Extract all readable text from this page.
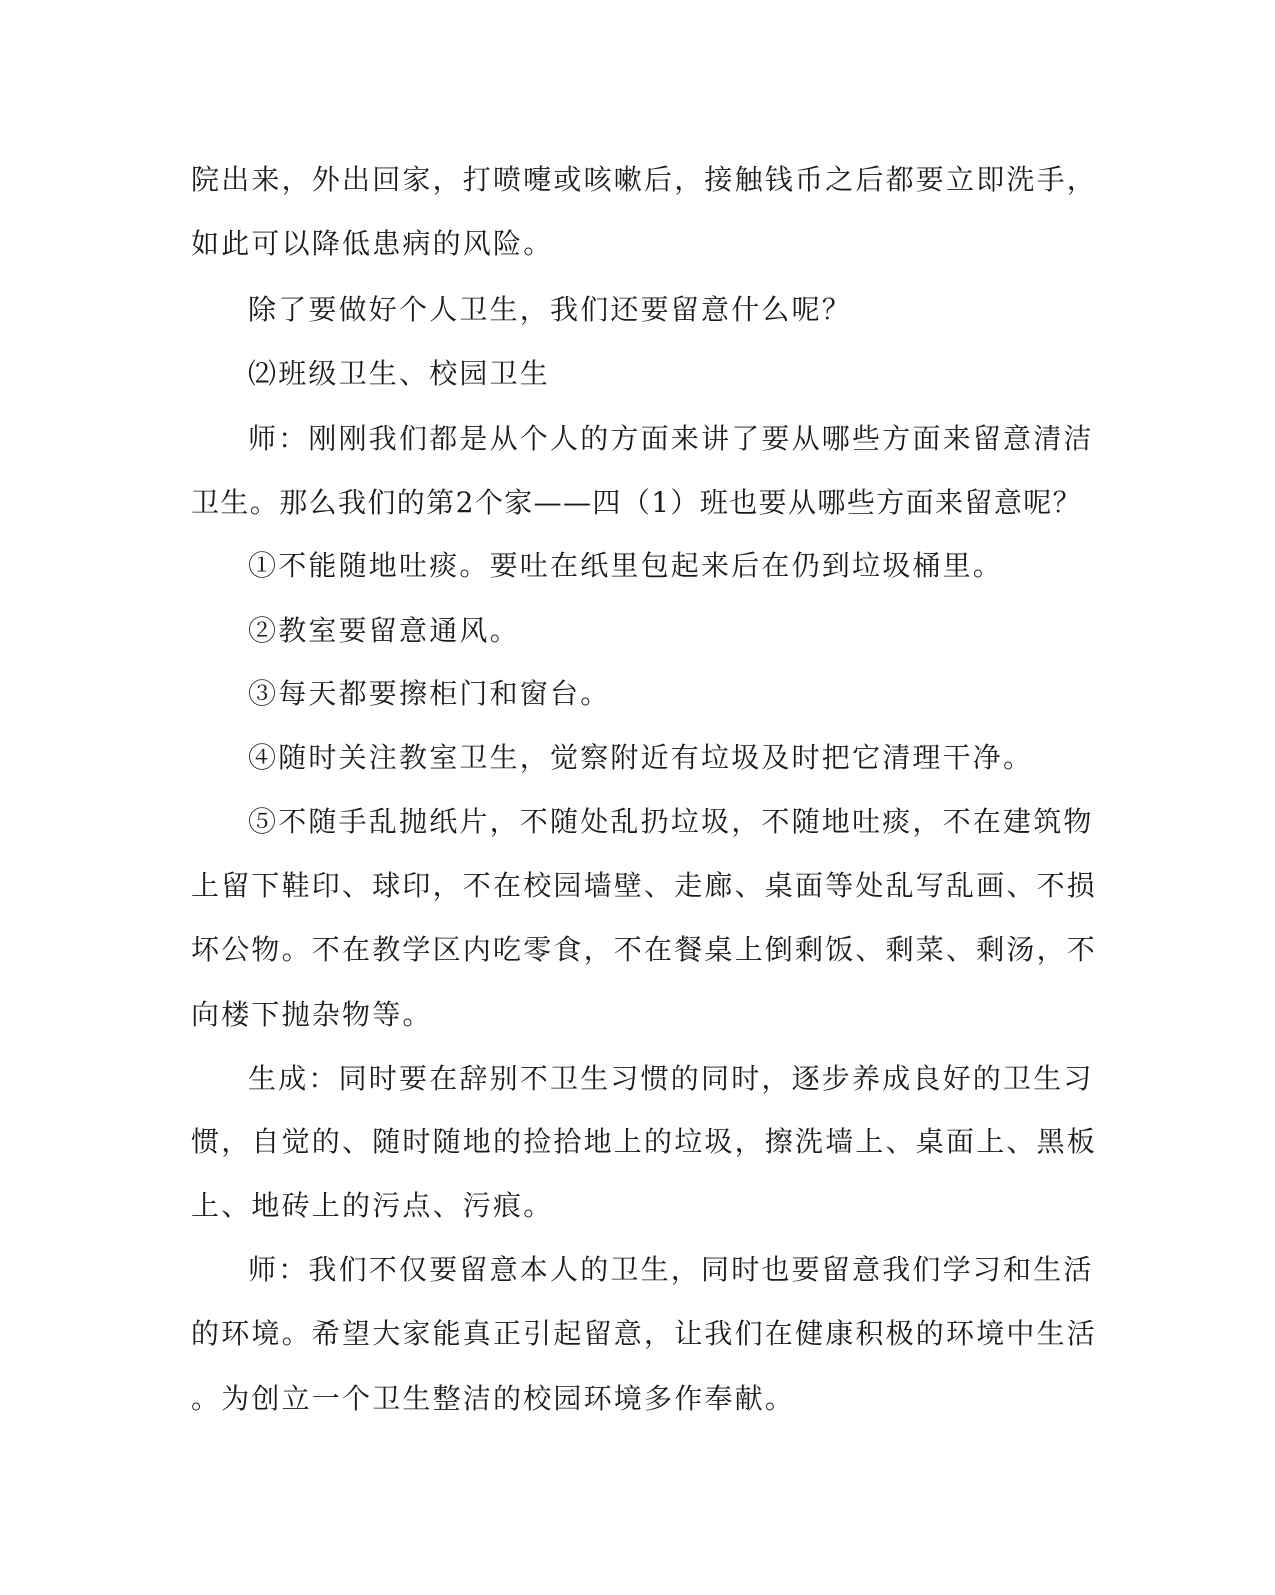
院出来，外出回家，打喷嚏或咳嗽后，接触钱币之后都要立即洗手，
如此可以降低患病的风险。
除了要做好个人卫生，我们还要留意什么呢？
⑵班级卫生、校园卫生
师：刚刚我们都是从个人的方面来讲了要从哪些方面来留意清洁
卫生。那么我们的第2个家——四（1）班也要从哪些方面来留意呢？
①不能随地吐痰。要吐在纸里包起来后在仍到垃圾桶里。
②教室要留意通风。
③每天都要擦柜门和窗台。
④随时关注教室卫生，觉察附近有垃圾及时把它清理干净。
⑤不随手乱抛纸片，不随处乱扔垃圾，不随地吐痰，不在建筑物
上留下鞋印、球印，不在校园墙壁、走廊、桌面等处乱写乱画、不损
坏公物。不在教学区内吃零食，不在餐桌上倒剩饭、剩菜、剩汤，不
向楼下抛杂物等。
生成：同时要在辞别不卫生习惯的同时，逐步养成良好的卫生习
惯，自觉的、随时随地的捡拾地上的垃圾，擦洗墙上、桌面上、黑板
上、地砖上的污点、污痕。
师：我们不仅要留意本人的卫生，同时也要留意我们学习和生活
的环境。希望大家能真正引起留意，让我们在健康积极的环境中生活
。为创立一个卫生整洁的校园环境多作奉献。
